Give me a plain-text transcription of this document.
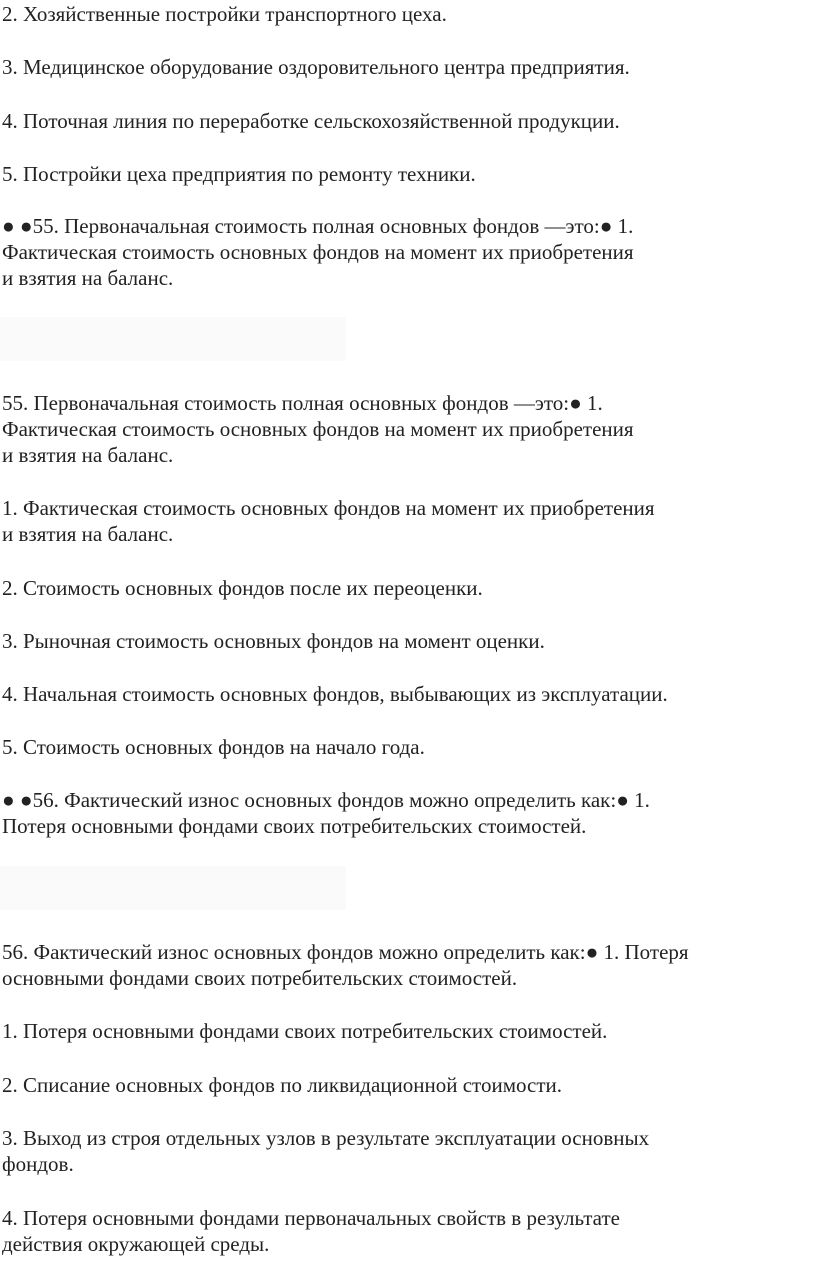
2. Хозяйственные постройки транспортного цеха.

3. Медицинское оборудование оздоровительного центра предприятия.

4. Поточная линия по переработке сельскохозяйственной продукции.

5. Постройки цеха предприятия по ремонту техники.

● ●55. Первоначальная стоимость полная основных фондов —это:● 1.

Фактическая стоимость основных фондов на момент их приобретения

и взятия на баланс.

55. Первоначальная стоимость полная основных фондов —это:● 1.

Фактическая стоимость основных фондов на момент их приобретения

и взятия на баланс.

1. Фактическая стоимость основных фондов на момент их приобретения

и взятия на баланс.

2. Стоимость основных фондов после их переоценки.

3. Рыночная стоимость основных фондов на момент оценки.

4. Начальная стоимость основных фондов, выбывающих из эксплуатации.

5. Стоимость основных фондов на начало года.

● ●56. Фактический износ основных фондов можно определить как:● 1.

Потеря основными фондами своих потребительских стоимостей.

56. Фактический износ основных фондов можно определить как:● 1. Потеря

основными фондами своих потребительских стоимостей.

1. Потеря основными фондами своих потребительских стоимостей.

2. Списание основных фондов по ликвидационной стоимости.

3. Выход из строя отдельных узлов в результате эксплуатации основных

фондов.

4. Потеря основными фондами первоначальных свойств в результате

действия окружающей среды.
